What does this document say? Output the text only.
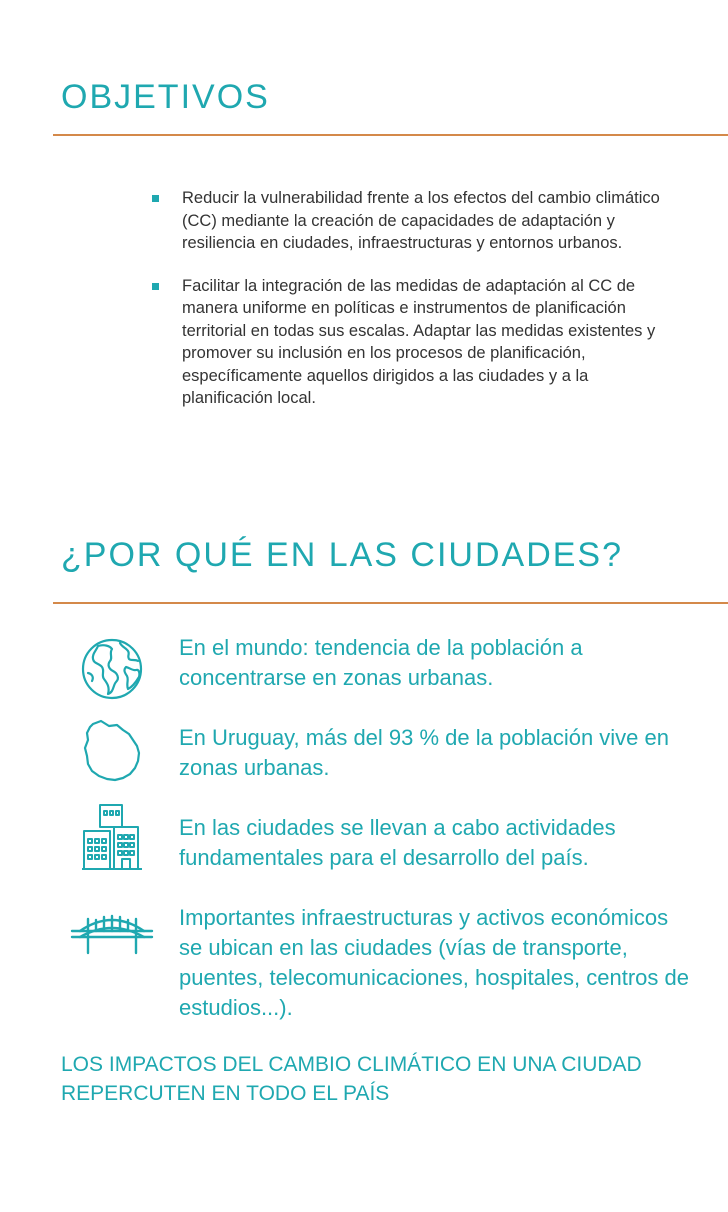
OBJETIVOS
Reducir la vulnerabilidad frente a los efectos del cambio climático (CC) mediante la creación de capacidades de adaptación y resiliencia en ciudades, infraestructuras y entornos urbanos.
Facilitar la integración de las medidas de adaptación al CC de manera uniforme en políticas e instrumentos de planificación territorial en todas sus escalas. Adaptar las medidas existentes y promover su inclusión en los procesos de planificación, específicamente aquellos dirigidos a las ciudades y a la planificación local.
¿POR QUÉ EN LAS CIUDADES?

En el mundo: tendencia de la población a concentrarse en zonas urbanas.

En Uruguay, más del 93 % de la población vive en zonas urbanas.

En las ciudades se llevan a cabo actividades fundamentales para el desarrollo del país.

Importantes infraestructuras y activos económicos se ubican en las ciudades (vías de transporte, puentes, telecomunicaciones, hospitales, centros de estudios...).

LOS IMPACTOS DEL CAMBIO CLIMÁTICO EN UNA CIUDAD REPERCUTEN EN TODO EL PAÍS
